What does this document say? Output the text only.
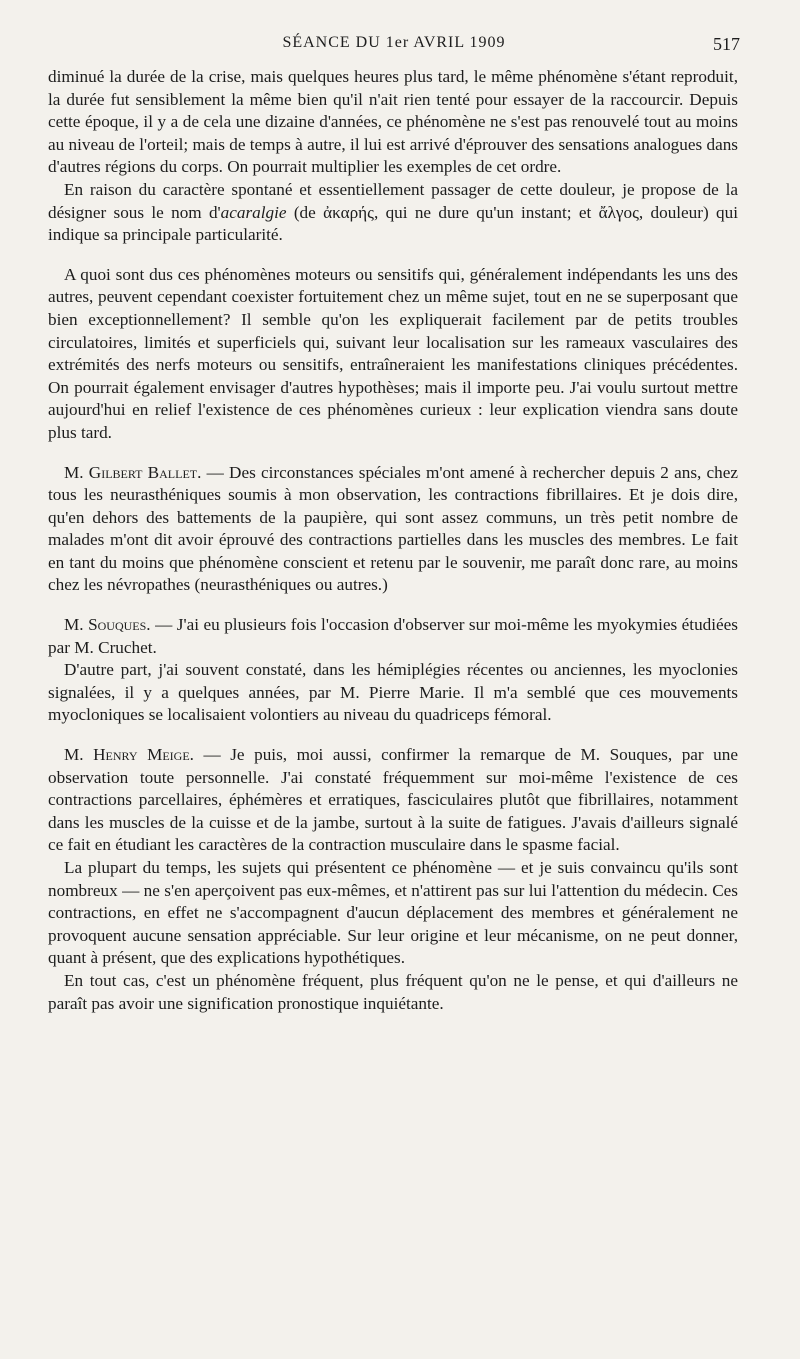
SÉANCE DU 1er AVRIL 1909	517

diminué la durée de la crise, mais quelques heures plus tard, le même phénomène s'étant reproduit, la durée fut sensiblement la même bien qu'il n'ait rien tenté pour essayer de la raccourcir. Depuis cette époque, il y a de cela une dizaine d'années, ce phénomène ne s'est pas renouvelé tout au moins au niveau de l'orteil; mais de temps à autre, il lui est arrivé d'éprouver des sensations analogues dans d'autres régions du corps. On pourrait multiplier les exemples de cet ordre.

En raison du caractère spontané et essentiellement passager de cette douleur, je propose de la désigner sous le nom d'acaralgie (de ἀκαρής, qui ne dure qu'un instant; et ἄλγος, douleur) qui indique sa principale particularité.

A quoi sont dus ces phénomènes moteurs ou sensitifs qui, généralement indépendants les uns des autres, peuvent cependant coexister fortuitement chez un même sujet, tout en ne se superposant que bien exceptionnellement? Il semble qu'on les expliquerait facilement par de petits troubles circulatoires, limités et superficiels qui, suivant leur localisation sur les rameaux vasculaires des extrémités des nerfs moteurs ou sensitifs, entraîneraient les manifestations cliniques précédentes. On pourrait également envisager d'autres hypothèses; mais il importe peu. J'ai voulu surtout mettre aujourd'hui en relief l'existence de ces phénomènes curieux : leur explication viendra sans doute plus tard.

M. Gilbert Ballet. — Des circonstances spéciales m'ont amené à rechercher depuis 2 ans, chez tous les neurasthéniques soumis à mon observation, les contractions fibrillaires. Et je dois dire, qu'en dehors des battements de la paupière, qui sont assez communs, un très petit nombre de malades m'ont dit avoir éprouvé des contractions partielles dans les muscles des membres. Le fait en tant du moins que phénomène conscient et retenu par le souvenir, me paraît donc rare, au moins chez les névropathes (neurasthéniques ou autres.)

M. Souques. — J'ai eu plusieurs fois l'occasion d'observer sur moi-même les myokymies étudiées par M. Cruchet.

D'autre part, j'ai souvent constaté, dans les hémiplégies récentes ou anciennes, les myoclonies signalées, il y a quelques années, par M. Pierre Marie. Il m'a semblé que ces mouvements myocloniques se localisaient volontiers au niveau du quadriceps fémoral.

M. Henry Meige. — Je puis, moi aussi, confirmer la remarque de M. Souques, par une observation toute personnelle. J'ai constaté fréquemment sur moi-même l'existence de ces contractions parcellaires, éphémères et erratiques, fasciculaires plutôt que fibrillaires, notamment dans les muscles de la cuisse et de la jambe, surtout à la suite de fatigues. J'avais d'ailleurs signalé ce fait en étudiant les caractères de la contraction musculaire dans le spasme facial.

La plupart du temps, les sujets qui présentent ce phénomène — et je suis convaincu qu'ils sont nombreux — ne s'en aperçoivent pas eux-mêmes, et n'attirent pas sur lui l'attention du médecin. Ces contractions, en effet ne s'accompagnent d'aucun déplacement des membres et généralement ne provoquent aucune sensation appréciable. Sur leur origine et leur mécanisme, on ne peut donner, quant à présent, que des explications hypothétiques.

En tout cas, c'est un phénomène fréquent, plus fréquent qu'on ne le pense, et qui d'ailleurs ne paraît pas avoir une signification pronostique inquiétante.
